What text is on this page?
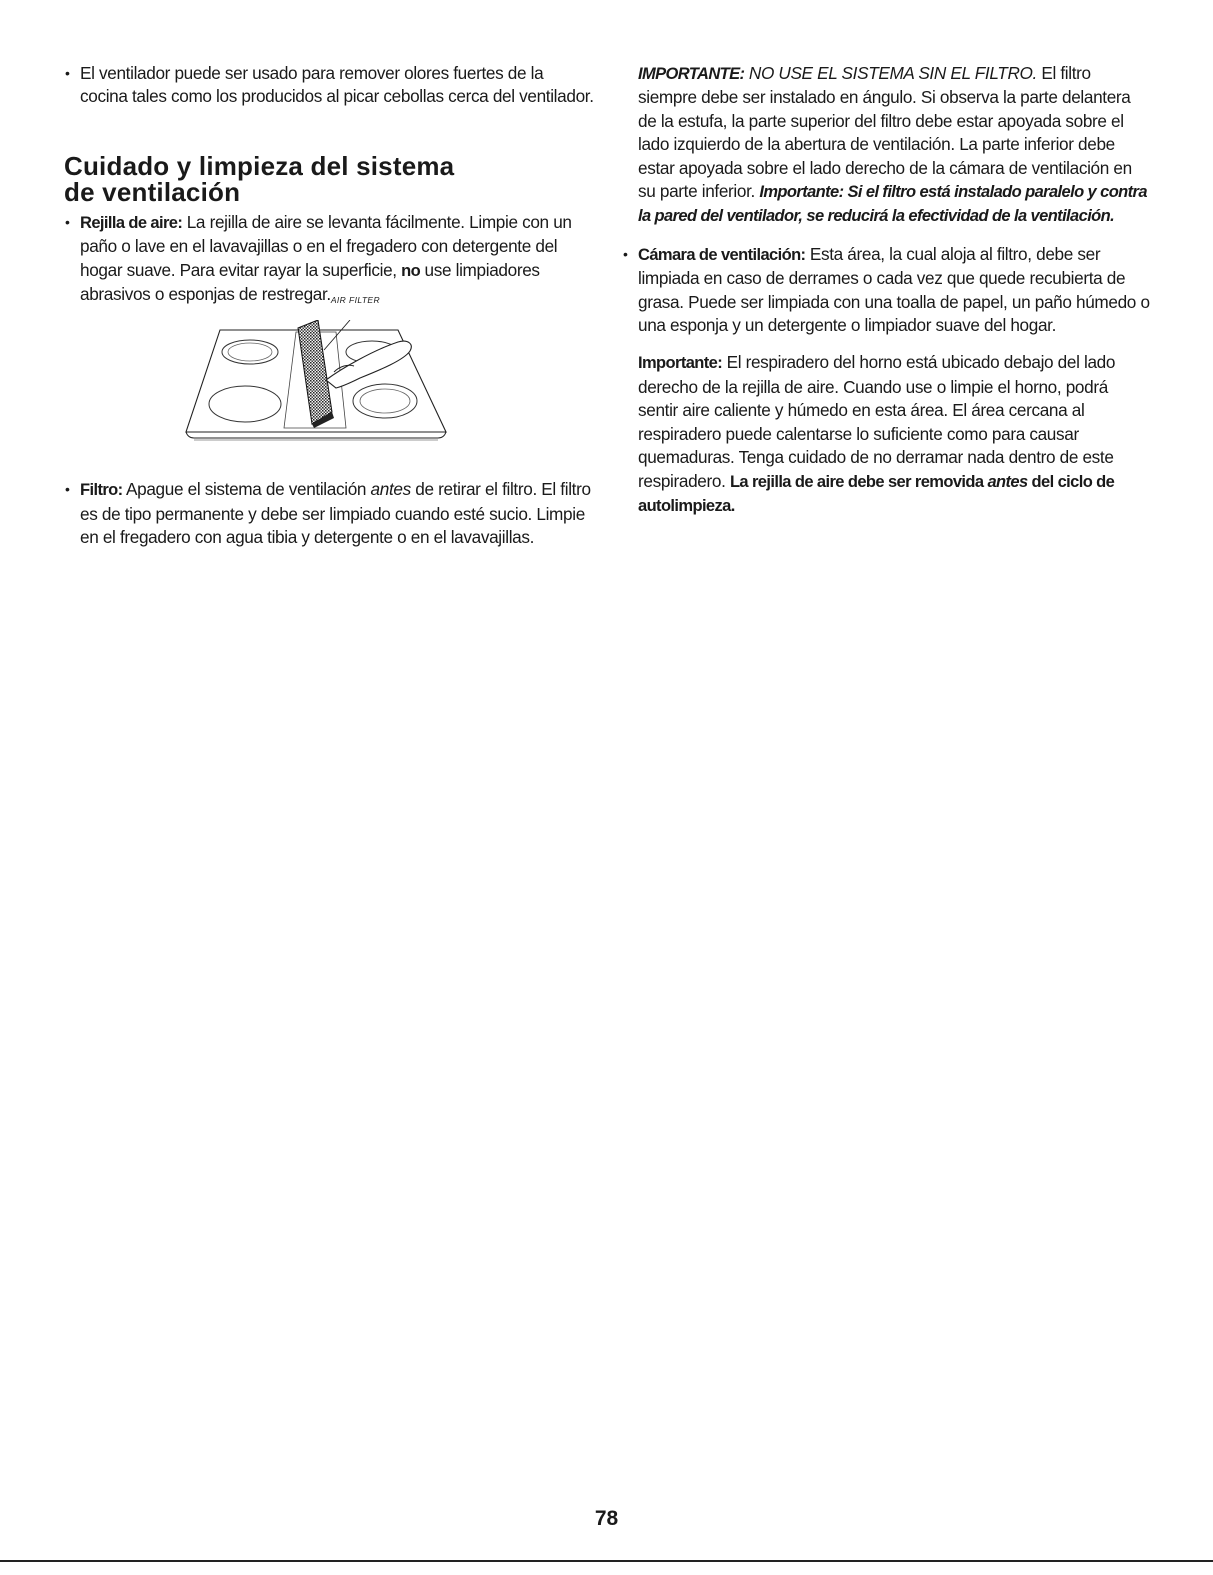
• El ventilador puede ser usado para remover olores fuertes de la cocina tales como los producidos al picar cebollas cerca del ventilador.
Cuidado y limpieza del sistema
de ventilación
• Rejilla de aire: La rejilla de aire se levanta fácilmente. Limpie con un paño o lave en el lavavajillas o en el fregadero con detergente del hogar suave. Para evitar rayar la superficie, no use limpiadores abrasivos o esponjas de restregar.AIR FILTER
• Filtro: Apague el sistema de ventilación antes de retirar el filtro. El filtro es de tipo permanente y debe ser limpiado cuando esté sucio. Limpie en el fregadero con agua tibia y detergente o en el lavavajillas.

IMPORTANTE: NO USE EL SISTEMA SIN EL FILTRO. El filtro siempre debe ser instalado en ángulo. Si observa la parte delantera de la estufa, la parte superior del filtro debe estar apoyada sobre el lado izquierdo de la abertura de ventilación. La parte inferior debe estar apoyada sobre el lado derecho de la cámara de ventilación en su parte inferior. Importante: Si el filtro está instalado paralelo y contra la pared del ventilador, se reducirá la efectividad de la ventilación.

• Cámara de ventilación: Esta área, la cual aloja al filtro, debe ser limpiada en caso de derrames o cada vez que quede recubierta de grasa. Puede ser limpiada con una toalla de papel, un paño húmedo o una esponja y un detergente o limpiador suave del hogar.

Importante: El respiradero del horno está ubicado debajo del lado derecho de la rejilla de aire. Cuando use o limpie el horno, podrá sentir aire caliente y húmedo en esta área. El área cercana al respiradero puede calentarse lo suficiente como para causar quemaduras. Tenga cuidado de no derramar nada dentro de este respiradero. La rejilla de aire debe ser removida antes del ciclo de autolimpieza.

78
